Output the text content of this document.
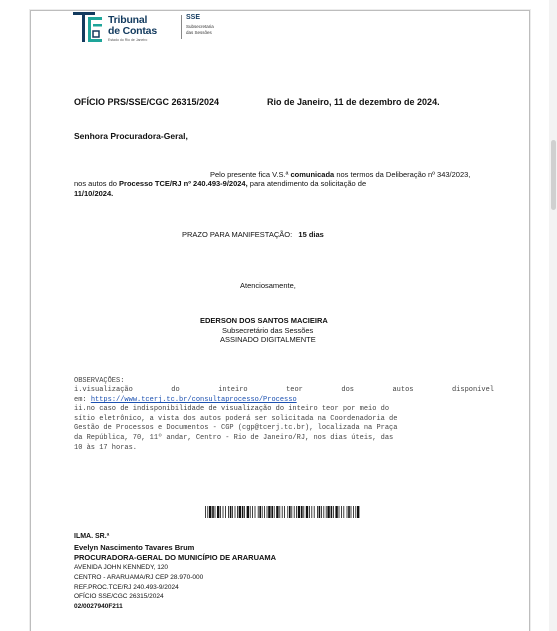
Tribunal
de Contas
Estado do Rio de Janeiro
SSE
Subsecretaria
das Sessões
OFÍCIO PRS/SSE/CGC 26315/2024	Rio de Janeiro, 11 de dezembro de 2024.
Senhora Procuradora-Geral,
Pelo presente fica V.S.ª comunicada nos termos da Deliberação nº 343/2023,
nos autos do Processo TCE/RJ nº 240.493-9/2024, para atendimento da solicitação de
11/10/2024.
PRAZO PARA MANIFESTAÇÃO: 15 dias
Atenciosamente,
EDERSON DOS SANTOS MACIEIRA
Subsecretário das Sessões
ASSINADO DIGITALMENTE
OBSERVAÇÕES:
i.visualização	do	inteiro	teor	dos	autos	disponível
em: https://www.tcerj.tc.br/consultaprocesso/Processo
ii.no caso de indisponibilidade de visualização do inteiro teor por meio do
sítio eletrônico, a vista dos autos poderá ser solicitada na Coordenadoria de
Gestão de Processos e Documentos - CGP (cgp@tcerj.tc.br), localizada na Praça
da República, 70, 11º andar, Centro - Rio de Janeiro/RJ, nos dias úteis, das
10 às 17 horas.
ILMA. SR.ª
Evelyn Nascimento Tavares Brum
PROCURADORA-GERAL DO MUNICÍPIO DE ARARUAMA
AVENIDA JOHN KENNEDY, 120
CENTRO - ARARUAMA/RJ CEP 28.970-000
REF.PROC.TCE/RJ 240.493-9/2024
OFÍCIO SSE/CGC 26315/2024
02/0027940F211
